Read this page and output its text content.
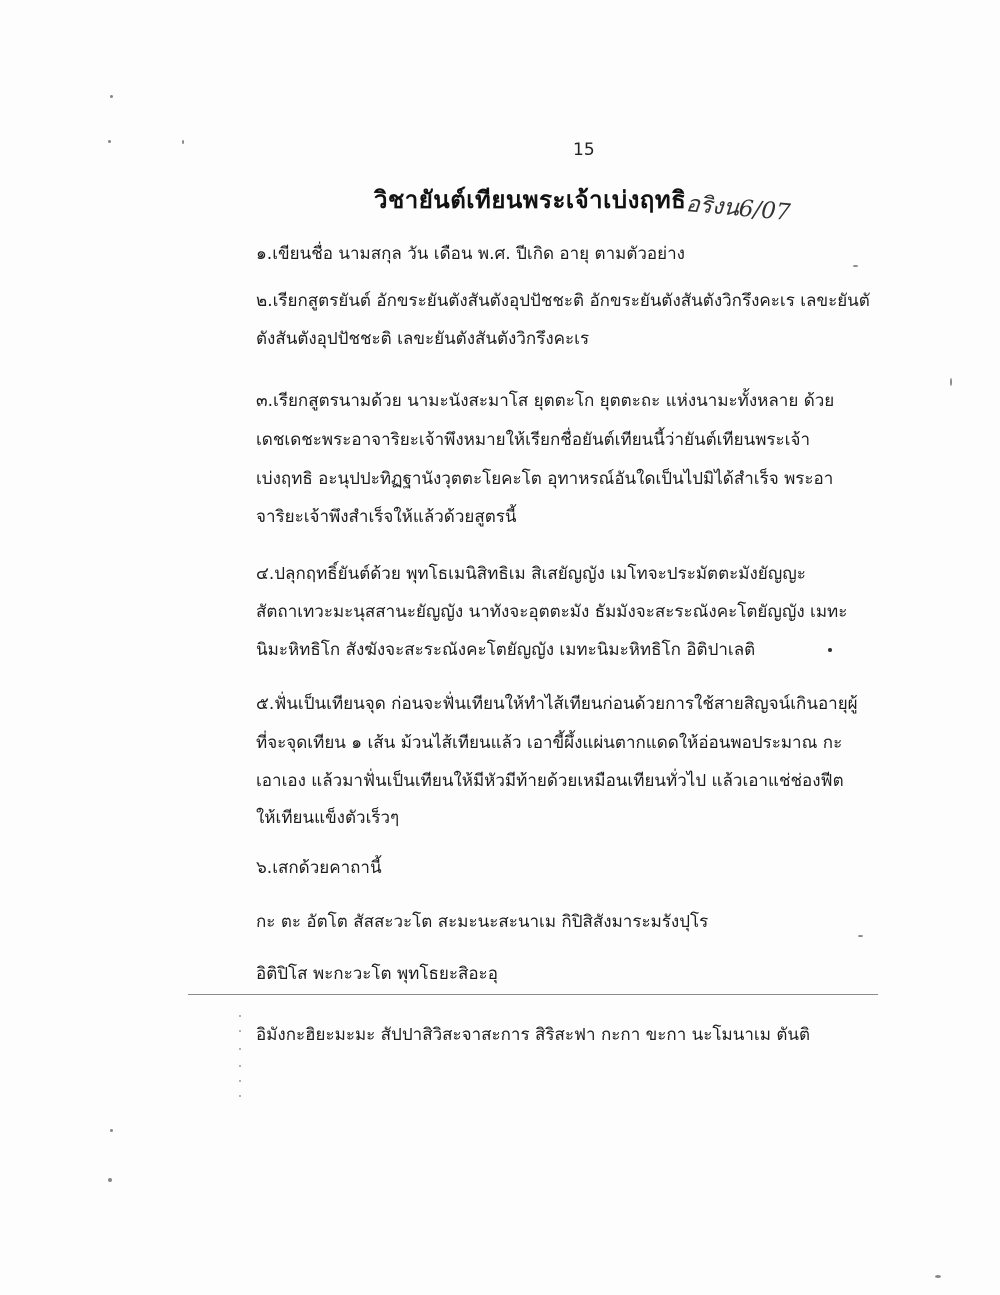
15
วิชายันต์เทียนพระเจ้าเบ่งฤทธิ
อริงน6/07
๑.เขียนชื่อ นามสกุล วัน เดือน พ.ศ. ปีเกิด อายุ ตามตัวอย่าง
๒.เรียกสูตรยันต์ อักขระยันตังสันตังอุปปัชชะติ อักขระยันตังสันตังวิกรึงคะเร เลขะยันตั
ตังสันตังอุปปัชชะติ เลขะยันตังสันตังวิกรึงคะเร
๓.เรียกสูตรนามด้วย นามะนังสะมาโส ยุตตะโก ยุตตะถะ แห่งนามะทั้งหลาย ด้วย
เดชเดชะพระอาจาริยะเจ้าพึงหมายให้เรียกชื่อยันต์เทียนนี้ว่ายันต์เทียนพระเจ้า
เบ่งฤทธิ อะนุปปะทิฏฐานังวุตตะโยคะโต อุทาหรณ์อันใดเป็นไปมิได้สำเร็จ พระอา
จาริยะเจ้าพึงสำเร็จให้แล้วด้วยสูตรนี้
๔.ปลุกฤทธิ์ยันต์ด้วย พุทโธเมนิสิทธิเม สิเสยัญญัง เมโทจะประมัตตะมังยัญญะ
สัตถาเทวะมะนุสสานะยัญญัง นาทังจะอุตตะมัง ธัมมังจะสะระณังคะโตยัญญัง เมทะ
นิมะหิทธิโก สังฆังจะสะระณังคะโตยัญญัง เมทะนิมะหิทธิโก อิติปาเลติ
๕.ฟั่นเป็นเทียนจุด ก่อนจะฟั่นเทียนให้ทำไส้เทียนก่อนด้วยการใช้สายสิญจน์เกินอายุผู้
ที่จะจุดเทียน ๑ เส้น ม้วนไส้เทียนแล้ว เอาขี้ผึ้งแผ่นตากแดดให้อ่อนพอประมาณ กะ
เอาเอง แล้วมาฟั่นเป็นเทียนให้มีหัวมีท้ายด้วยเหมือนเทียนทั่วไป แล้วเอาแช่ช่องฟีต
ให้เทียนแข็งตัวเร็วๆ
๖.เสกด้วยคาถานี้
กะ ตะ อัตโต สัสสะวะโต สะมะนะสะนาเม กิปิสิสังมาระมรังปุโร
อิติปิโส พะกะวะโต พุทโธยะสิอะอุ
อิมังกะฮิยะมะมะ สัปปาสิวิสะจาสะการ สิริสะฟา กะกา ขะกา นะโมนาเม ตันติ
